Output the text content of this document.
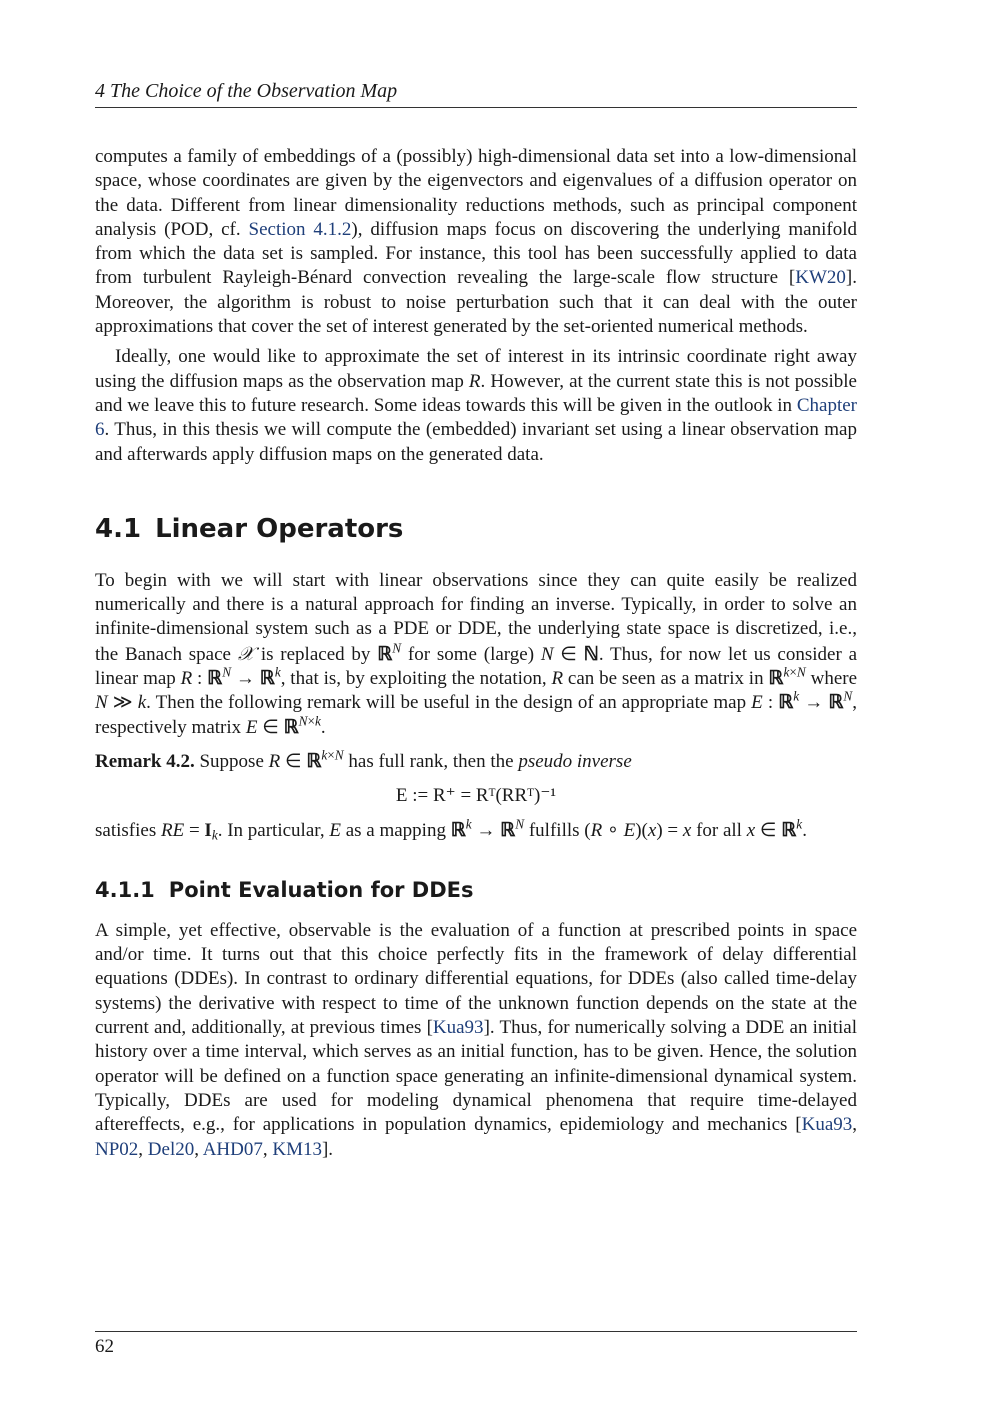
4 The Choice of the Observation Map

computes a family of embeddings of a (possibly) high-dimensional data set into a low-dimensional space, whose coordinates are given by the eigenvectors and eigenvalues of a diffusion operator on the data. Different from linear dimensionality reductions methods, such as principal component analysis (POD, cf. Section 4.1.2), diffusion maps focus on discovering the underlying manifold from which the data set is sampled. For instance, this tool has been successfully applied to data from turbulent Rayleigh-Bénard convection revealing the large-scale flow structure [KW20]. Moreover, the algorithm is robust to noise perturbation such that it can deal with the outer approximations that cover the set of interest generated by the set-oriented numerical methods.

Ideally, one would like to approximate the set of interest in its intrinsic coordinate right away using the diffusion maps as the observation map R. However, at the current state this is not possible and we leave this to future research. Some ideas towards this will be given in the outlook in Chapter 6. Thus, in this thesis we will compute the (embedded) invariant set using a linear observation map and afterwards apply diffusion maps on the generated data.

4.1 Linear Operators

To begin with we will start with linear observations since they can quite easily be realized numerically and there is a natural approach for finding an inverse. Typically, in order to solve an infinite-dimensional system such as a PDE or DDE, the underlying state space is discretized, i.e., the Banach space 𝒳 is replaced by ℝ$^N$ for some (large) N ∈ ℕ. Thus, for now let us consider a linear map R : ℝ$^N$ → ℝ$^k$, that is, by exploiting the notation, R can be seen as a matrix in ℝ$^{k\times N}$ where N ≫ k. Then the following remark will be useful in the design of an appropriate map E : ℝ$^k$ → ℝ$^N$, respectively matrix E ∈ ℝ$^{N\times k}$.

Remark 4.2. Suppose R ∈ ℝ$^{k\times N}$ has full rank, then the pseudo inverse

E := R⁺ = Rᵀ(RRᵀ)⁻¹

satisfies RE = $I_k$. In particular, E as a mapping ℝ$^k$ → ℝ$^N$ fulfills (R ∘ E)(x) = x for all x ∈ ℝ$^k$.

4.1.1 Point Evaluation for DDEs

A simple, yet effective, observable is the evaluation of a function at prescribed points in space and/or time. It turns out that this choice perfectly fits in the framework of delay differential equations (DDEs). In contrast to ordinary differential equations, for DDEs (also called time-delay systems) the derivative with respect to time of the unknown function depends on the state at the current and, additionally, at previous times [Kua93]. Thus, for numerically solving a DDE an initial history over a time interval, which serves as an initial function, has to be given. Hence, the solution operator will be defined on a function space generating an infinite-dimensional dynamical system. Typically, DDEs are used for modeling dynamical phenomena that require time-delayed aftereffects, e.g., for applications in population dynamics, epidemiology and mechanics [Kua93, NP02, Del20, AHD07, KM13].

62
